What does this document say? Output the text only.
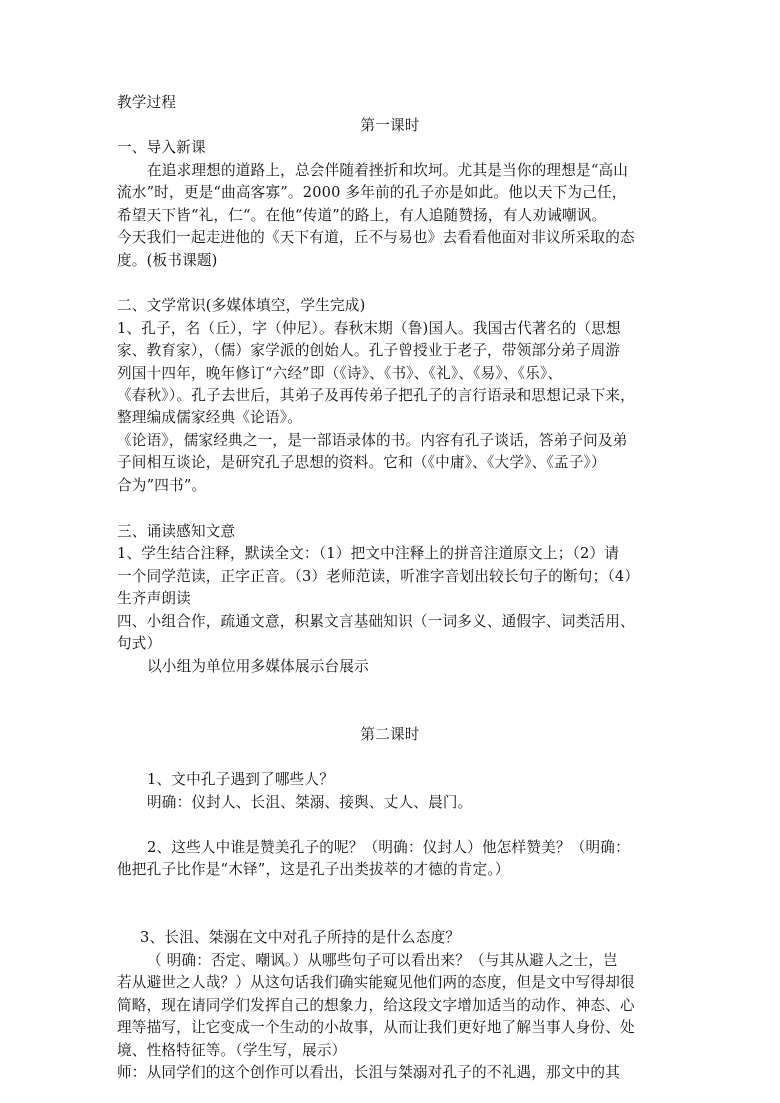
教学过程
第一课时
一、导入新课
在追求理想的道路上，总会伴随着挫折和坎坷。尤其是当你的理想是“高山
流水”时，更是“曲高客寡”。2000 多年前的孔子亦是如此。他以天下为己任，
希望天下皆“礼，仁“。在他“传道”的路上，有人追随赞扬，有人劝诫嘲讽。
今天我们一起走进他的《天下有道，丘不与易也》去看看他面对非议所采取的态
度。(板书课题)
二、文学常识(多媒体填空，学生完成)
1、孔子，名（丘），字（仲尼）。春秋末期（鲁)国人。我国古代著名的（思想
家、教育家），（儒）家学派的创始人。孔子曾授业于老子，带领部分弟子周游
列国十四年，晚年修订“六经”即（《诗》、《书》、《礼》、《易》、《乐》、
《春秋》）。孔子去世后，其弟子及再传弟子把孔子的言行语录和思想记录下来，
整理编成儒家经典《论语》。
《论语》，儒家经典之一，是一部语录体的书。内容有孔子谈话，答弟子问及弟
子间相互谈论，是研究孔子思想的资料。它和（《中庸》、《大学》、《孟子》）
合为”四书”。
三、诵读感知文意
1、学生结合注释，默读全文：（1）把文中注释上的拼音注道原文上；（2）请
一个同学范读，正字正音。（3）老师范读，听准字音划出较长句子的断句；（4）
生齐声朗读
四、小组合作，疏通文意，积累文言基础知识（一词多义、通假字、词类活用、
句式）
以小组为单位用多媒体展示台展示
第二课时
1、文中孔子遇到了哪些人？
明确：仪封人、长沮、桀溺、接舆、丈人、晨门。
2、这些人中谁是赞美孔子的呢？（明确：仪封人）他怎样赞美？（明确：
他把孔子比作是“木铎”，这是孔子出类拔萃的才德的肯定。）
3、长沮、桀溺在文中对孔子所持的是什么态度？
（ 明确：否定、嘲讽。）从哪些句子可以看出来？（与其从避人之士，岂
若从避世之人哉？）从这句话我们确实能窥见他们两的态度，但是文中写得却很
简略，现在请同学们发挥自己的想象力，给这段文字增加适当的动作、神态、心
理等描写，让它变成一个生动的小故事，从而让我们更好地了解当事人身份、处
境、性格特征等。（学生写，展示）
师：从同学们的这个创作可以看出，长沮与桀溺对孔子的不礼遇，那文中的其
